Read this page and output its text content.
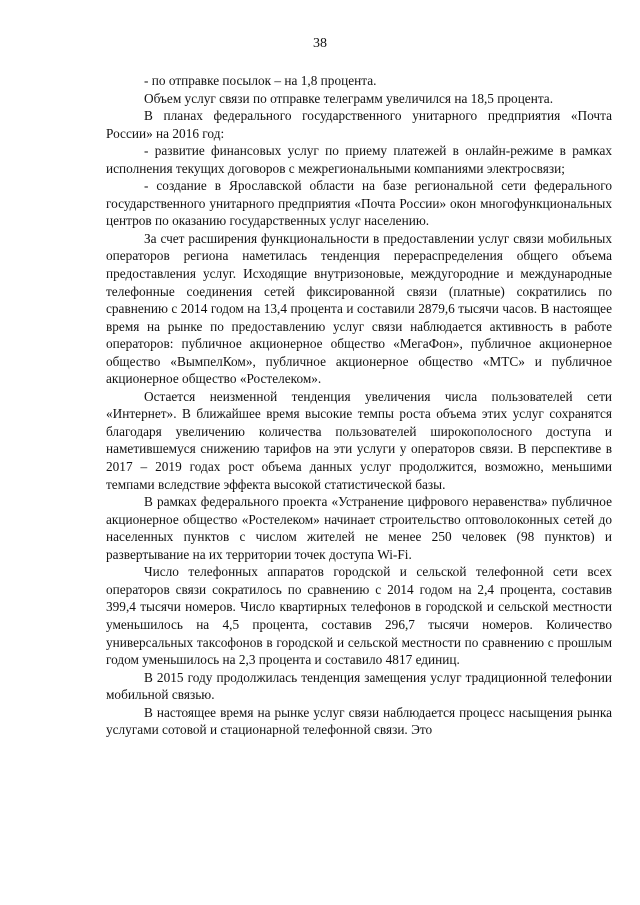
38

- по отправке посылок – на 1,8 процента.

Объем услуг связи по отправке телеграмм увеличился на 18,5 процента.

В планах федерального государственного унитарного предприятия «Почта России» на 2016 год:

- развитие финансовых услуг по приему платежей в онлайн-режиме в рамках исполнения текущих договоров с межрегиональными компаниями электросвязи;

- создание в Ярославской области на базе региональной сети федерального государственного унитарного предприятия «Почта России» окон многофункциональных центров по оказанию государственных услуг населению.

За счет расширения функциональности в предоставлении услуг связи мобильных операторов региона наметилась тенденция перераспределения общего объема предоставления услуг. Исходящие внутризоновые, междугородние и международные телефонные соединения сетей фиксированной связи (платные) сократились по сравнению с 2014 годом на 13,4 процента и составили 2879,6 тысячи часов. В настоящее время на рынке по предоставлению услуг связи наблюдается активность в работе операторов: публичное акционерное общество «МегаФон», публичное акционерное общество «ВымпелКом», публичное акционерное общество «МТС» и публичное акционерное общество «Ростелеком».

Остается неизменной тенденция увеличения числа пользователей сети «Интернет». В ближайшее время высокие темпы роста объема этих услуг сохранятся благодаря увеличению количества пользователей широкополосного доступа и наметившемуся снижению тарифов на эти услуги у операторов связи. В перспективе в 2017 – 2019 годах рост объема данных услуг продолжится, возможно, меньшими темпами вследствие эффекта высокой статистической базы.

В рамках федерального проекта «Устранение цифрового неравенства» публичное акционерное общество «Ростелеком» начинает строительство оптоволоконных сетей до населенных пунктов с числом жителей не менее 250 человек (98 пунктов) и развертывание на их территории точек доступа Wi-Fi.

Число телефонных аппаратов городской и сельской телефонной сети всех операторов связи сократилось по сравнению с 2014 годом на 2,4 процента, составив 399,4 тысячи номеров. Число квартирных телефонов в городской и сельской местности уменьшилось на 4,5 процента, составив 296,7 тысячи номеров. Количество универсальных таксофонов в городской и сельской местности по сравнению с прошлым годом уменьшилось на 2,3 процента и составило 4817 единиц.

В 2015 году продолжилась тенденция замещения услуг традиционной телефонии мобильной связью.

В настоящее время на рынке услуг связи наблюдается процесс насыщения рынка услугами сотовой и стационарной телефонной связи. Это
